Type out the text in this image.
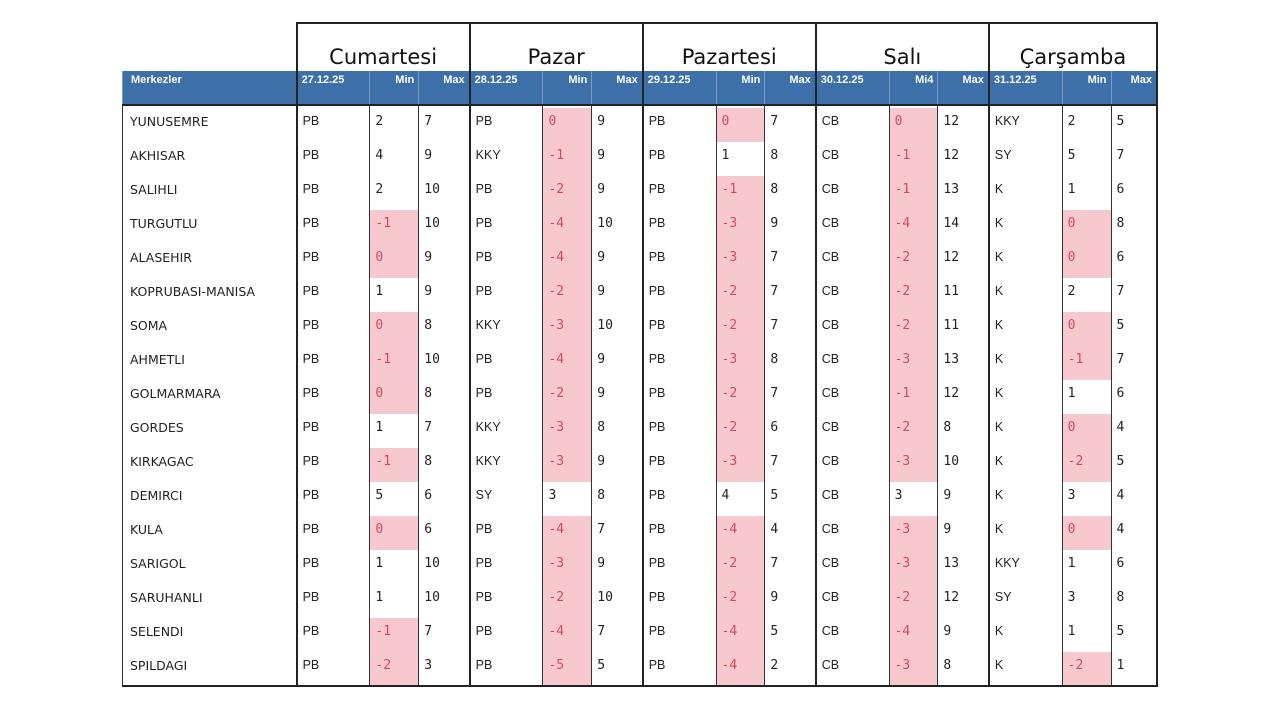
	Cumartesi			Pazar			Pazartesi			Salı			Çarşamba		
Merkezler	27.12.25	Min	Max	28.12.25	Min	Max	29.12.25	Min	Max	30.12.25	Mi4	Max	31.12.25	Min	Max

YUNUSEMRE	PB	2	7	PB	0	9	PB	0	7	CB	0	12	KKY	2	5
AKHISAR	PB	4	9	KKY	-1	9	PB	1	8	CB	-1	12	SY	5	7
SALIHLI	PB	2	10	PB	-2	9	PB	-1	8	CB	-1	13	K	1	6
TURGUTLU	PB	-1	10	PB	-4	10	PB	-3	9	CB	-4	14	K	0	8
ALASEHIR	PB	0	9	PB	-4	9	PB	-3	7	CB	-2	12	K	0	6
KOPRUBASI-MANISA	PB	1	9	PB	-2	9	PB	-2	7	CB	-2	11	K	2	7
SOMA	PB	0	8	KKY	-3	10	PB	-2	7	CB	-2	11	K	0	5
AHMETLI	PB	-1	10	PB	-4	9	PB	-3	8	CB	-3	13	K	-1	7
GOLMARMARA	PB	0	8	PB	-2	9	PB	-2	7	CB	-1	12	K	1	6
GORDES	PB	1	7	KKY	-3	8	PB	-2	6	CB	-2	8	K	0	4
KIRKAGAC	PB	-1	8	KKY	-3	9	PB	-3	7	CB	-3	10	K	-2	5
DEMIRCI	PB	5	6	SY	3	8	PB	4	5	CB	3	9	K	3	4
KULA	PB	0	6	PB	-4	7	PB	-4	4	CB	-3	9	K	0	4
SARIGOL	PB	1	10	PB	-3	9	PB	-2	7	CB	-3	13	KKY	1	6
SARUHANLI	PB	1	10	PB	-2	10	PB	-2	9	CB	-2	12	SY	3	8
SELENDI	PB	-1	7	PB	-4	7	PB	-4	5	CB	-4	9	K	1	5
SPILDAGI	PB	-2	3	PB	-5	5	PB	-4	2	CB	-3	8	K	-2	1
